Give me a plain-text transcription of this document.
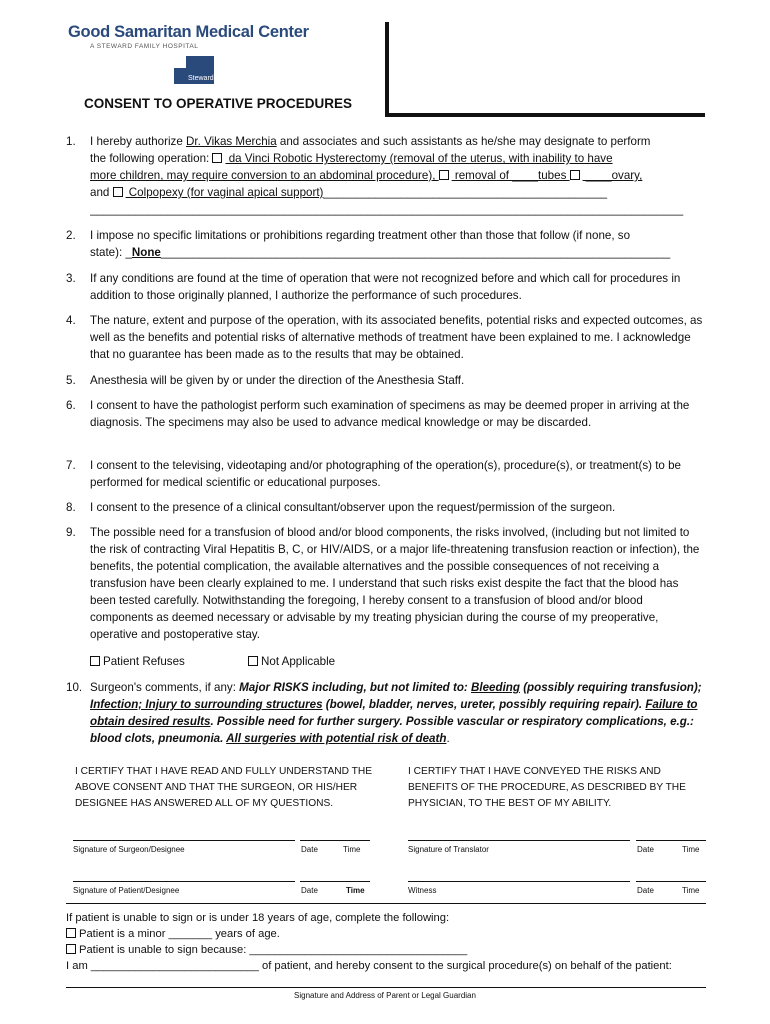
Good Samaritan Medical Center
A STEWARD FAMILY HOSPITAL
Steward
CONSENT TO OPERATIVE PROCEDURES
1. I hereby authorize Dr. Vikas Merchia and associates and such assistants as he/she may designate to perform
the following operation:  da Vinci Robotic Hysterectomy (removal of the uterus, with inability to have
more children, may require conversion to an abdominal procedure),  removal of ____tubes  ____ovary,
and  Colpopexy (for vaginal apical support)____________________________________________
____________________________________________________________________________________________
2. I impose no specific limitations or prohibitions regarding treatment other than those that follow (if none, so
state): _None_______________________________________________________________________________
3. If any conditions are found at the time of operation that were not recognized before and which call for procedures in addition to those originally planned, I authorize the performance of such procedures.
4. The nature, extent and purpose of the operation, with its associated benefits, potential risks and expected outcomes, as well as the benefits and potential risks of alternative methods of treatment have been explained to me. I acknowledge that no guarantee has been made as to the results that may be obtained.
5. Anesthesia will be given by or under the direction of the Anesthesia Staff.
6. I consent to have the pathologist perform such examination of specimens as may be deemed proper in arriving at the diagnosis. The specimens may also be used to advance medical knowledge or may be discarded.
7. I consent to the televising, videotaping and/or photographing of the operation(s), procedure(s), or treatment(s) to be performed for medical scientific or educational purposes.
8. I consent to the presence of a clinical consultant/observer upon the request/permission of the surgeon.
9. The possible need for a transfusion of blood and/or blood components, the risks involved, (including but not limited to the risk of contracting Viral Hepatitis B, C, or HIV/AIDS, or a major life-threatening transfusion reaction or infection), the benefits, the potential complication, the available alternatives and the possible consequences of not receiving a transfusion have been clearly explained to me. I understand that such risks exist despite the fact that the blood has been tested carefully. Notwithstanding the foregoing, I hereby consent to a transfusion of blood and/or blood components as deemed necessary or advisable by my treating physician during the course of my preoperative, operative and postoperative stay.
Patient Refuses	Not Applicable
10. Surgeon's comments, if any: Major RISKS including, but not limited to: Bleeding (possibly requiring transfusion); Infection; Injury to surrounding structures (bowel, bladder, nerves, ureter, possibly requiring repair). Failure to obtain desired results. Possible need for further surgery. Possible vascular or respiratory complications, e.g.: blood clots, pneumonia. All surgeries with potential risk of death.
I CERTIFY THAT I HAVE READ AND FULLY UNDERSTAND THE ABOVE CONSENT AND THAT THE SURGEON, OR HIS/HER DESIGNEE HAS ANSWERED ALL OF MY QUESTIONS.
I CERTIFY THAT I HAVE CONVEYED THE RISKS AND BENEFITS OF THE PROCEDURE, AS DESCRIBED BY THE PHYSICIAN, TO THE BEST OF MY ABILITY.
Signature of Surgeon/Designee	Date	Time	Signature of Translator	Date	Time
Signature of Patient/Designee	Date	Time	Witness	Date	Time
If patient is unable to sign or is under 18 years of age, complete the following:
Patient is a minor _______ years of age.
Patient is unable to sign because: ___________________________________
I am ___________________________ of patient, and hereby consent to the surgical procedure(s) on behalf of the patient:
Signature and Address of Parent or Legal Guardian
